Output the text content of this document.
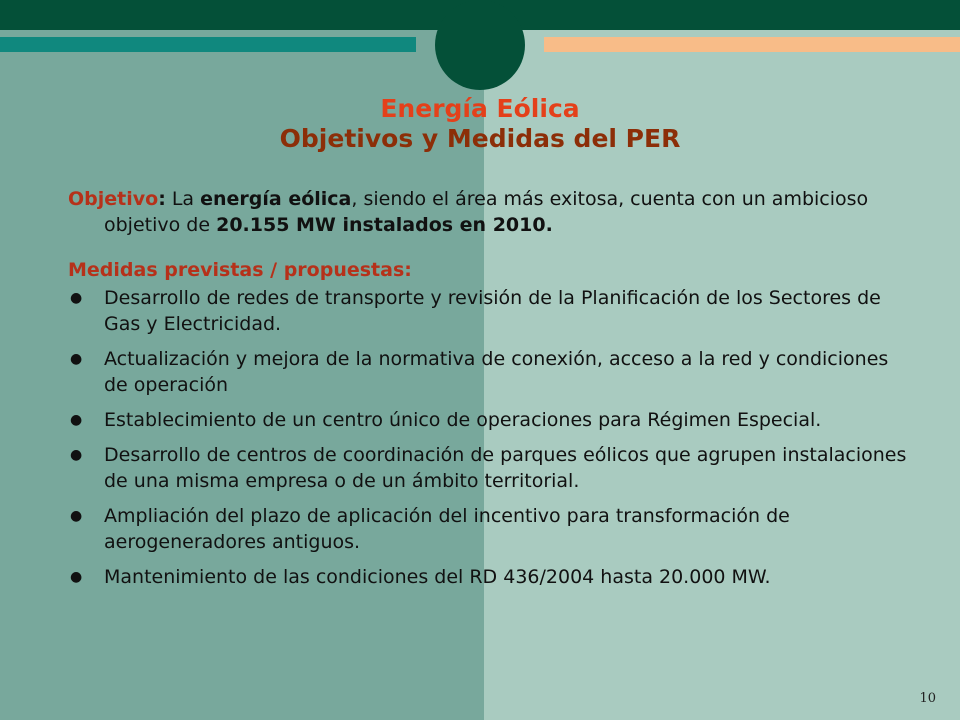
Energía Eólica
Objetivos y Medidas del PER

Objetivo: La energía eólica, siendo el área más exitosa, cuenta con un ambicioso objetivo de 20.155 MW instalados en 2010.

Medidas previstas / propuestas:
● Desarrollo de redes de transporte y revisión de la Planificación de los Sectores de Gas y Electricidad.
● Actualización y mejora de la normativa de conexión, acceso a la red y condiciones de operación
● Establecimiento de un centro único de operaciones para Régimen Especial.
● Desarrollo de centros de coordinación de parques eólicos que agrupen instalaciones de una misma empresa o de un ámbito territorial.
● Ampliación del plazo de aplicación del incentivo para transformación de aerogeneradores antiguos.
● Mantenimiento de las condiciones del RD 436/2004 hasta 20.000 MW.
10
